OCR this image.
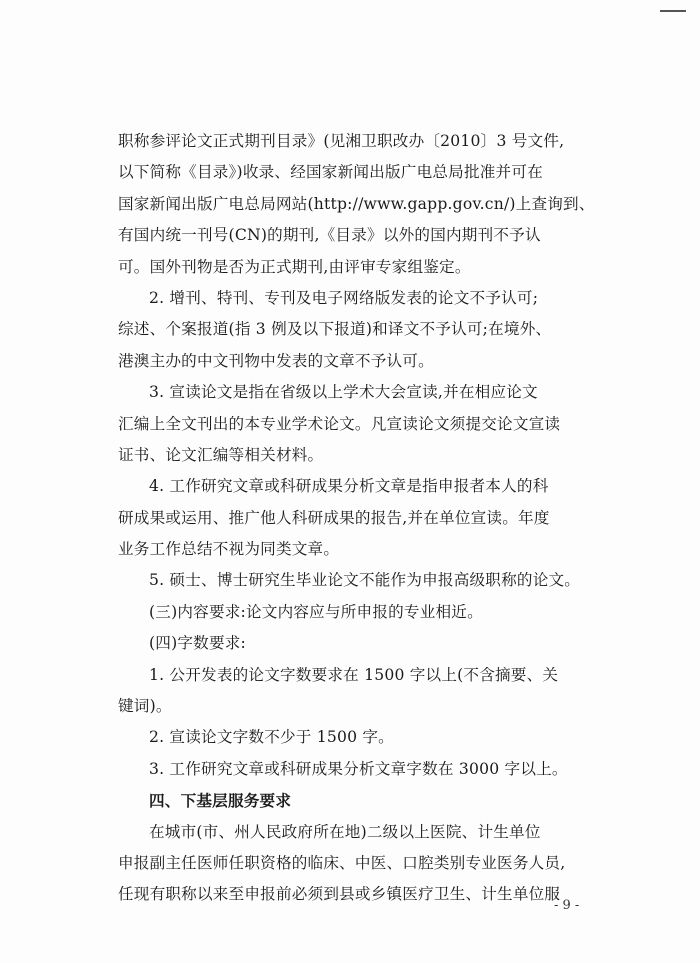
职称参评论文正式期刊目录》(见湘卫职改办〔2010〕3 号文件,
以下简称《目录》)收录、经国家新闻出版广电总局批准并可在
国家新闻出版广电总局网站(http://www.gapp.gov.cn/)上查询到、
有国内统一刊号(CN)的期刊,《目录》以外的国内期刊不予认
可。国外刊物是否为正式期刊,由评审专家组鉴定。
2. 增刊、特刊、专刊及电子网络版发表的论文不予认可;
综述、个案报道(指 3 例及以下报道)和译文不予认可;在境外、
港澳主办的中文刊物中发表的文章不予认可。
3. 宣读论文是指在省级以上学术大会宣读,并在相应论文
汇编上全文刊出的本专业学术论文。凡宣读论文须提交论文宣读
证书、论文汇编等相关材料。
4. 工作研究文章或科研成果分析文章是指申报者本人的科
研成果或运用、推广他人科研成果的报告,并在单位宣读。年度
业务工作总结不视为同类文章。
5. 硕士、博士研究生毕业论文不能作为申报高级职称的论文。
(三)内容要求:论文内容应与所申报的专业相近。
(四)字数要求:
1. 公开发表的论文字数要求在 1500 字以上(不含摘要、关
键词)。
2. 宣读论文字数不少于 1500 字。
3. 工作研究文章或科研成果分析文章字数在 3000 字以上。
四、下基层服务要求
在城市(市、州人民政府所在地)二级以上医院、计生单位
申报副主任医师任职资格的临床、中医、口腔类别专业医务人员,
任现有职称以来至申报前必须到县或乡镇医疗卫生、计生单位服
- 9 -
